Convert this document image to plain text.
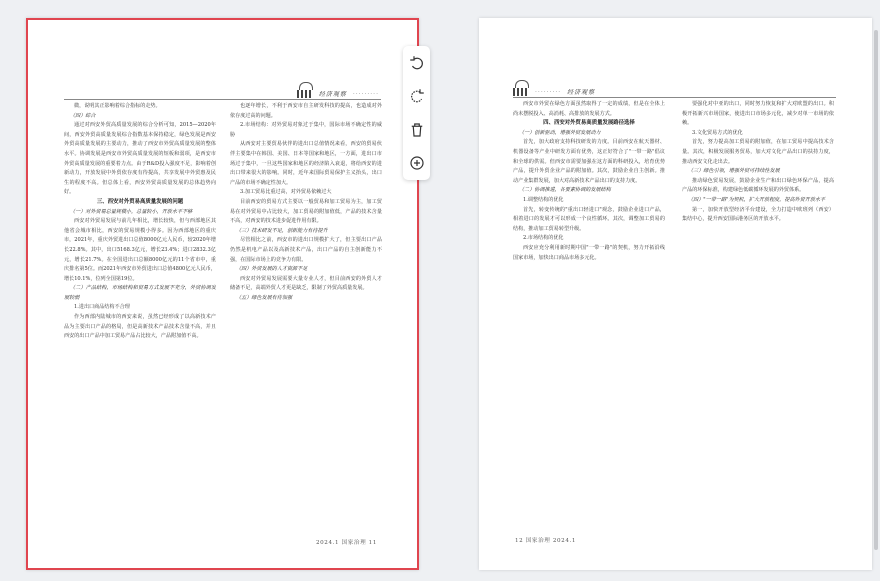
经济观察 ·········

微，说明其正影响着综合指标的走势。

（四）综合

通过对西安外贸高质量发展的综合分析可知，2015—2020年间，西安外贸高质量发展综合指数基本保持稳定，绿色发展是西安外贸高质量发展的主要动力，推动了西安市外贸高质量发展的整体水平。协调发展是西安市外贸高质量发展的短板和弱项，是西安市外贸高质量发展的重要着力点。由于R&D投入强度不足，影响着创新动力，开放发展中外贸依存度有待提高，共享发展中外贸惠及民生的程度不高。但总体上看，西安外贸高质量发展的总体趋势向好。

三、西安对外贸易高质量发展的问题

（一）对外贸易总量规模小，总量较小，开放水平不够

西安对外贸易发展与前几年相比，增长较快，但与西部地区其他省会城市相比，西安的贸易规模小得多。因为西部地区的重庆市，2021年，重庆外贸进出口总值8000亿元人民币，较2020年增长22.8%。其中，出口5168.3亿元，增长23.4%；进口2832.3亿元，增长21.7%。在全国进出口总额8000亿元的11个省市中，重庆排名第5位。而2021年西安市外贸进出口总值4800亿元人民币，增长10.1%，位列全国第19位。

（二）产品结构，市场结构和贸易方式发展不充分，外贸协调发展较弱

1.进出口商品结构不合理

作为西部内陆城市的西安来说，虽然已经形成了以高新技术产品为主要出口产品的格局，但是高新技术产品技术含量不高，并且西安的出口产品中加工贸易产品占比较大，产品附加值不高。

也逐年增长，不利于西安市自主研发科技的提高，也造成对外依存度过高的问题。

2.市场结构：对外贸易对象过于集中，国际市场不确定性的威胁

从西安对主要贸易伙伴的进出口总值情况来看，西安的贸易伙伴主要集中在韩国、美国、日本等国家和地区，一方面，进出口市场过于集中，一旦这些国家和地区的经济陷入衰退，将给西安的进出口带来很大的影响。同时，近年来国际贸易保护主义抬头，出口产品的市场不确定性加大。

3.加工贸易比重过高，对外贸易依赖过大

目前西安的贸易方式主要以一般贸易和加工贸易为主，加工贸易在对外贸易中占比较大，加工贸易的附加值低，产品的技术含量不高，对西安的技术进步促进作用有限。

（三）技术研发不足，创新能力有待提升

尽管相比之前，西安市的进出口规模扩大了，但主要出口产品仍然是机电产品以及高新技术产品，出口产品的自主创新能力不强，在国际市场上的竞争力有限。

（四）外贸发展的人才资源不足

西安对外贸易发展需要大量专业人才，但目前西安的外贸人才储备不足，高端外贸人才更是缺乏，限制了外贸高质量发展。

（五）绿色发展有待加强

2024.1 国家治理 11
········· 经济观察

西安市外贸在绿色方面虽然取得了一定的成绩，但是在全体上尚未摆脱投入、高消耗、高排放的发展方式。

四、西安对外贸易高质量发展路径选择

（一）创新驱动，增强外贸发展动力

首先，加大政府支持科技研发的力度。目前西安在航天器材、机器设备等产业中研发方面有优势，这正好符合了"一带一路"倡议和全球的供需。但西安市需要加强在这方面的科研投入，培育优势产品，提升外贸企业产品的附加值。其次，鼓励企业自主创新。推动产业集群发展，加大对高新技术产品出口的支持力度。

（二）协调推进，各要素协调的发展结构

1.调整结构的优化

首先，转变传统的"重出口轻进口"观念，鼓励企业进口产品，相着进口的发展才可以形成一个良性循环。其次，调整加工贸易的结构，推动加工贸易转型升级。

2.市场结构的优化

西安应充分利用新时期中国"一带一路"的契机，努力开拓沿线国家市场，加快出口商品市场多元化。

要强化对中亚的出口，同时努力恢复和扩大对欧盟的出口。积极开拓新兴市场国家，使进出口市场多元化，减少对单一市场的依赖。

3.文化贸易方式的优化

首先，努力提高加工贸易的附加值，在加工贸易中提高技术含量。其次，积极发展服务贸易，加大对文化产品出口的扶持力度，推动西安文化走出去。

（三）绿色引领，增强外贸可持续性发展

推动绿色贸易发展，鼓励企业生产和出口绿色环保产品，提高产品的环保标准，构建绿色低碳循环发展的外贸体系。

（四）"一带一路"为契机，扩大开放程度，提高外贸开放水平

第一，加快开放型经济平台建设，全力打造中欧班列（西安）集结中心，提升西安国际港务区的开放水平。

12 国家治理 2024.1
